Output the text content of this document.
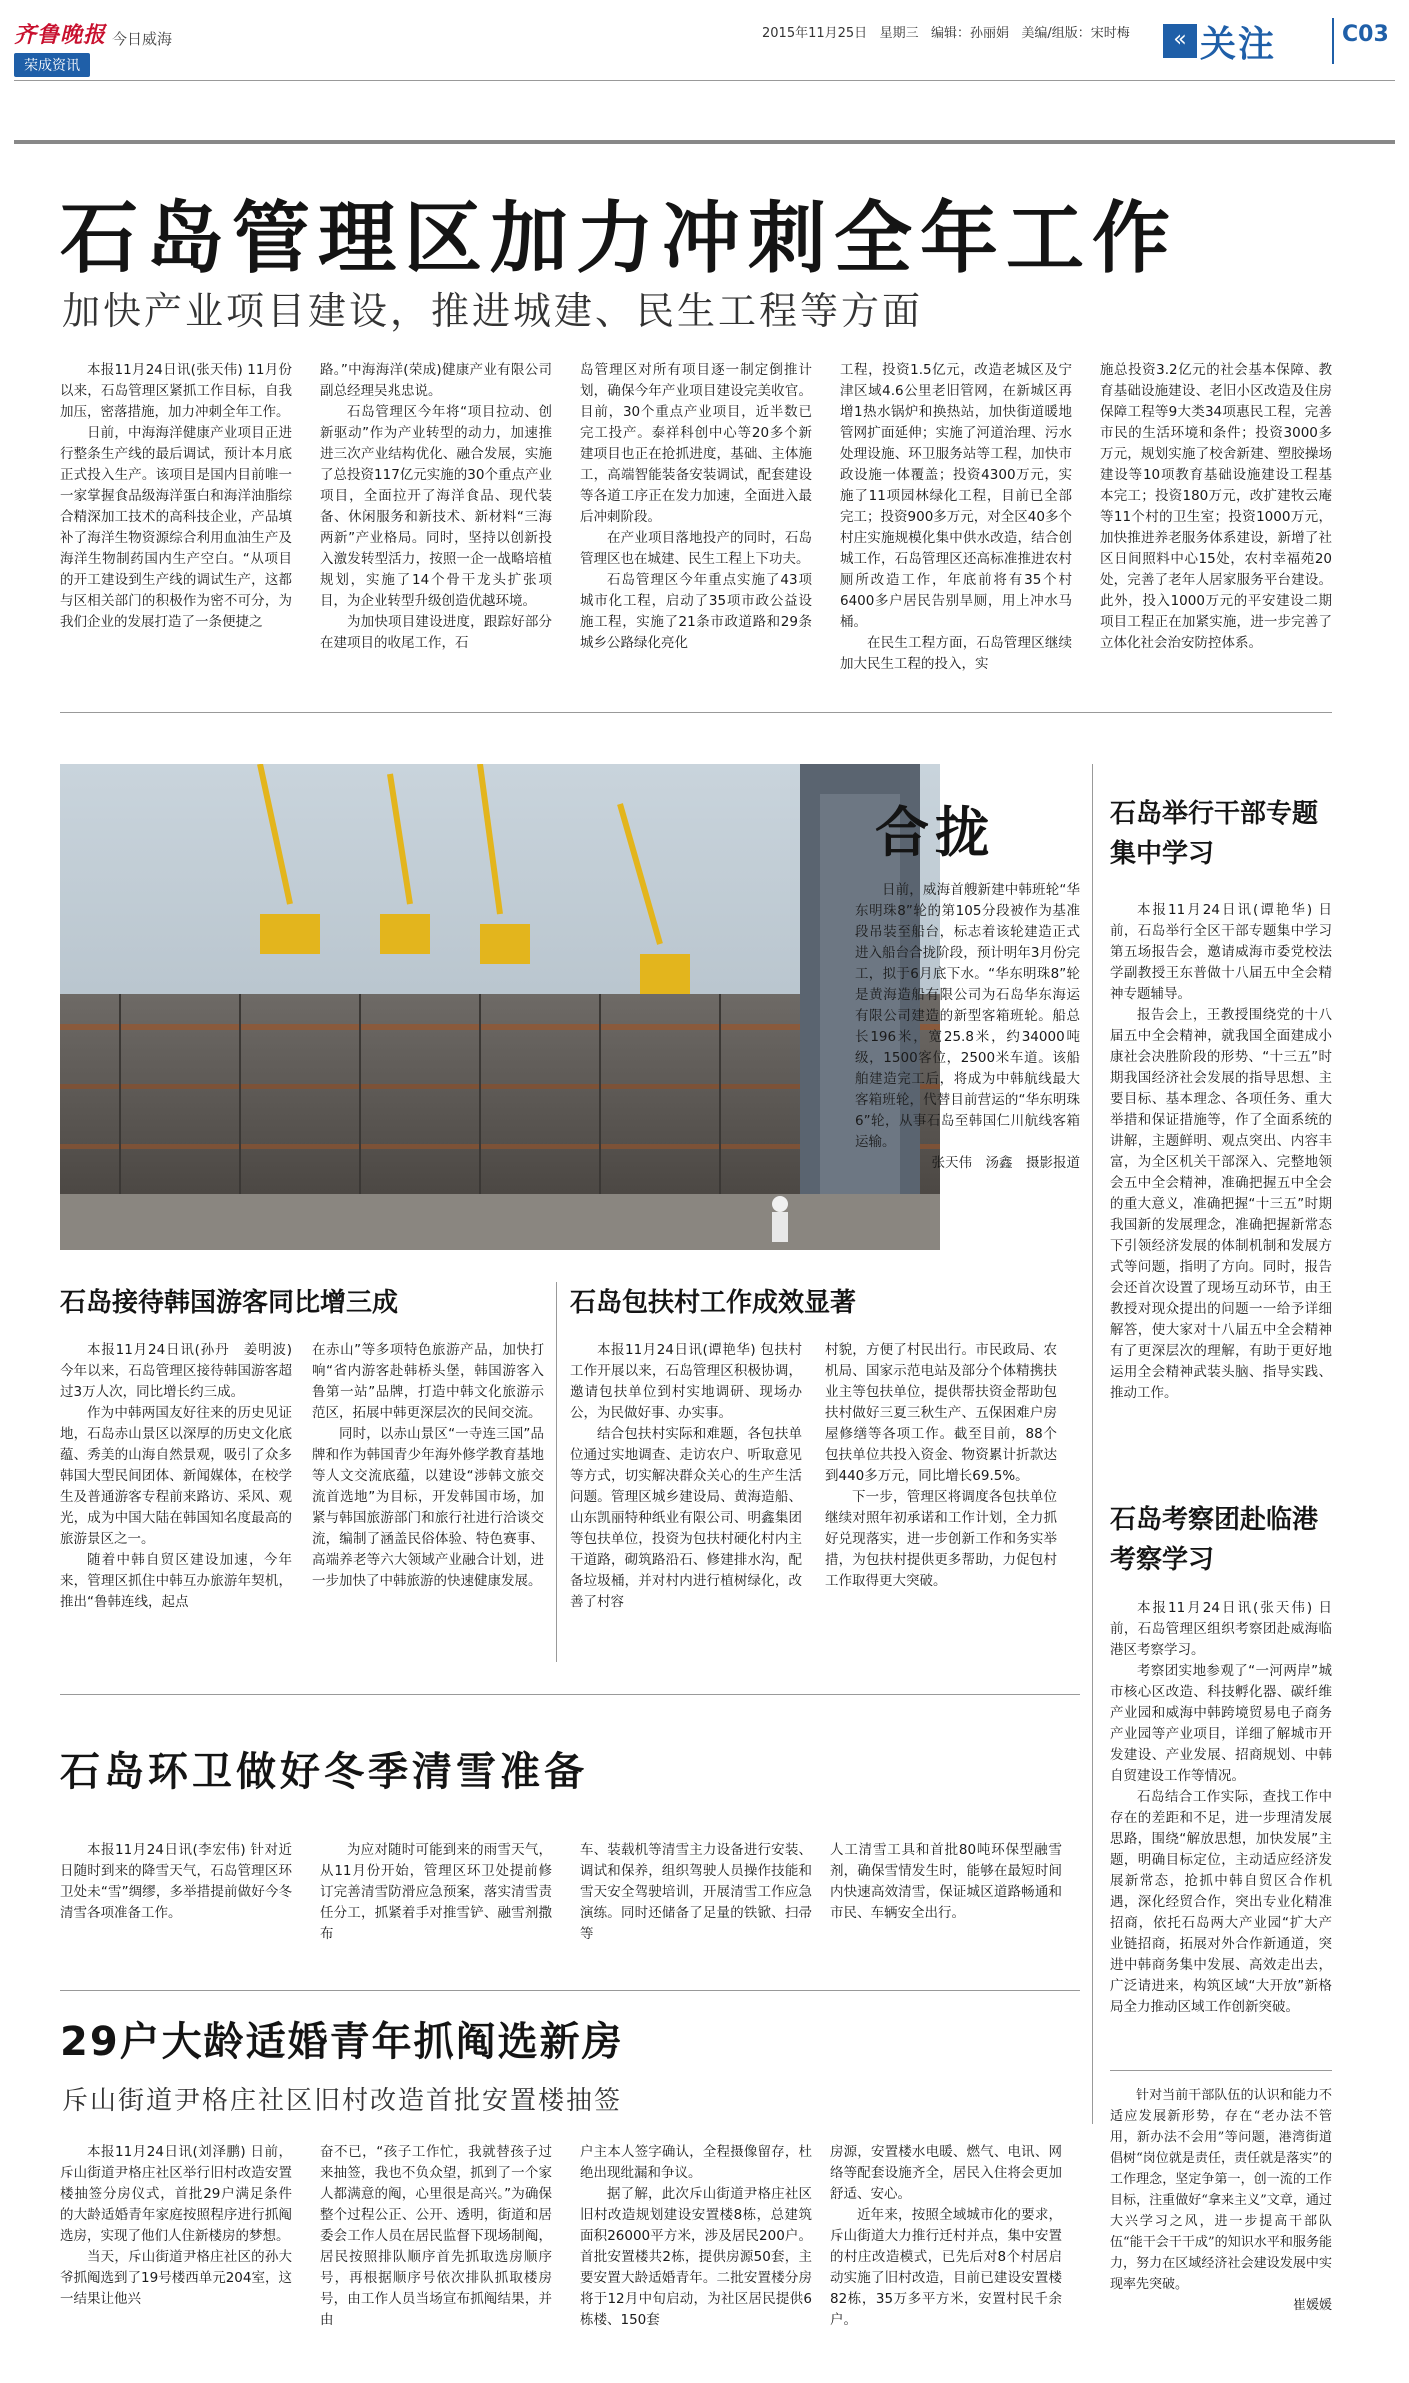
齐鲁晚报 今日威海
荣成资讯
2015年11月25日 星期三 编辑：孙丽娟 美编/组版：宋时梅	« 关注	C03
石岛管理区加力冲刺全年工作
加快产业项目建设，推进城建、民生工程等方面

本报11月24日讯(张天伟) 11月份以来，石岛管理区紧抓工作目标，自我加压，密落措施，加力冲刺全年工作。

日前，中海海洋健康产业项目正进行整条生产线的最后调试，预计本月底正式投入生产。该项目是国内目前唯一一家掌握食品级海洋蛋白和海洋油脂综合精深加工技术的高科技企业，产品填补了海洋生物资源综合利用血油生产及海洋生物制药国内生产空白。“从项目的开工建设到生产线的调试生产，这都与区相关部门的积极作为密不可分，为我们企业的发展打造了一条便捷之

路。”中海海洋(荣成)健康产业有限公司副总经理吴兆忠说。

石岛管理区今年将“项目拉动、创新驱动”作为产业转型的动力，加速推进三次产业结构优化、融合发展，实施了总投资117亿元实施的30个重点产业项目，全面拉开了海洋食品、现代装备、休闲服务和新技术、新材料“三海两新”产业格局。同时，坚持以创新投入激发转型活力，按照一企一战略培植规划，实施了14个骨干龙头扩张项目，为企业转型升级创造优越环境。

为加快项目建设进度，跟踪好部分在建项目的收尾工作，石

岛管理区对所有项目逐一制定倒推计划，确保今年产业项目建设完美收官。目前，30个重点产业项目，近半数已完工投产。泰祥科创中心等20多个新建项目也正在抢抓进度，基础、主体施工，高端智能装备安装调试，配套建设等各道工序正在发力加速，全面进入最后冲刺阶段。

在产业项目落地投产的同时，石岛管理区也在城建、民生工程上下功夫。

石岛管理区今年重点实施了43项城市化工程，启动了35项市政公益设施工程，实施了21条市政道路和29条城乡公路绿化亮化

工程，投资1.5亿元，改造老城区及宁津区域4.6公里老旧管网，在新城区再增1热水锅炉和换热站，加快街道暖地管网扩面延伸；实施了河道治理、污水处理设施、环卫服务站等工程，加快市政设施一体覆盖；投资4300万元，实施了11项园林绿化工程，目前已全部完工；投资900多万元，对全区40多个村庄实施规模化集中供水改造，结合创城工作，石岛管理区还高标准推进农村厕所改造工作，年底前将有35个村6400多户居民告别旱厕，用上冲水马桶。

在民生工程方面，石岛管理区继续加大民生工程的投入，实

施总投资3.2亿元的社会基本保障、教育基础设施建设、老旧小区改造及住房保障工程等9大类34项惠民工程，完善市民的生活环境和条件；投资3000多万元，规划实施了校舍新建、塑胶操场建设等10项教育基础设施建设工程基本完工；投资180万元，改扩建牧云庵等11个村的卫生室；投资1000万元，加快推进养老服务体系建设，新增了社区日间照料中心15处，农村幸福苑20处，完善了老年人居家服务平台建设。此外，投入1000万元的平安建设二期项目工程正在加紧实施，进一步完善了立体化社会治安防控体系。

合拢

日前，威海首艘新建中韩班轮“华东明珠8”轮的第105分段被作为基准段吊装至船台，标志着该轮建造正式进入船台合拢阶段，预计明年3月份完工，拟于6月底下水。“华东明珠8”轮是黄海造船有限公司为石岛华东海运有限公司建造的新型客箱班轮。船总长196米，宽25.8米，约34000吨级，1500客位，2500米车道。该船舶建造完工后，将成为中韩航线最大客箱班轮，代替目前营运的“华东明珠6”轮，从事石岛至韩国仁川航线客箱运输。

张天伟　汤鑫　摄影报道

石岛举行干部专题集中学习

本报11月24日讯(谭艳华) 日前，石岛举行全区干部专题集中学习第五场报告会，邀请威海市委党校法学副教授王东普做十八届五中全会精神专题辅导。

报告会上，王教授围绕党的十八届五中全会精神，就我国全面建成小康社会决胜阶段的形势、“十三五”时期我国经济社会发展的指导思想、主要目标、基本理念、各项任务、重大举措和保证措施等，作了全面系统的讲解，主题鲜明、观点突出、内容丰富，为全区机关干部深入、完整地领会五中全会精神，准确把握五中全会的重大意义，准确把握“十三五”时期我国新的发展理念，准确把握新常态下引领经济发展的体制机制和发展方式等问题，指明了方向。同时，报告会还首次设置了现场互动环节，由王教授对现众提出的问题一一给予详细解答，使大家对十八届五中全会精神有了更深层次的理解，有助于更好地运用全会精神武装头脑、指导实践、推动工作。

石岛考察团赴临港考察学习

本报11月24日讯(张天伟) 日前，石岛管理区组织考察团赴威海临港区考察学习。

考察团实地参观了“一河两岸”城市核心区改造、科技孵化器、碳纤维产业园和威海中韩跨境贸易电子商务产业园等产业项目，详细了解城市开发建设、产业发展、招商规划、中韩自贸建设工作等情况。

石岛结合工作实际，查找工作中存在的差距和不足，进一步理清发展思路，围绕“解放思想，加快发展”主题，明确目标定位，主动适应经济发展新常态，抢抓中韩自贸区合作机遇，深化经贸合作，突出专业化精准招商，依托石岛两大产业园“扩大产业链招商，拓展对外合作新通道，突进中韩商务集中发展、高效走出去，广泛请进来，构筑区域“大开放”新格局全力推动区域工作创新突破。

石岛接待韩国游客同比增三成

本报11月24日讯(孙丹　姜明波) 今年以来，石岛管理区接待韩国游客超过3万人次，同比增长约三成。

作为中韩两国友好往来的历史见证地，石岛赤山景区以深厚的历史文化底蕴、秀美的山海自然景观，吸引了众多韩国大型民间团体、新闻媒体，在校学生及普通游客专程前来路访、采风、观光，成为中国大陆在韩国知名度最高的旅游景区之一。

随着中韩自贸区建设加速，今年来，管理区抓住中韩互办旅游年契机，推出“鲁韩连线，起点

在赤山”等多项特色旅游产品，加快打响“省内游客赴韩桥头堡，韩国游客入鲁第一站”品牌，打造中韩文化旅游示范区，拓展中韩更深层次的民间交流。

同时，以赤山景区“一寺连三国”品牌和作为韩国青少年海外修学教育基地等人文交流底蕴，以建设“涉韩文旅交流首选地”为目标，开发韩国市场，加紧与韩国旅游部门和旅行社进行洽谈交流，编制了涵盖民俗体验、特色赛事、高端养老等六大领域产业融合计划，进一步加快了中韩旅游的快速健康发展。

石岛包扶村工作成效显著

本报11月24日讯(谭艳华) 包扶村工作开展以来，石岛管理区积极协调，邀请包扶单位到村实地调研、现场办公，为民做好事、办实事。

结合包扶村实际和难题，各包扶单位通过实地调查、走访农户、听取意见等方式，切实解决群众关心的生产生活问题。管理区城乡建设局、黄海造船、山东凯丽特种纸业有限公司、明鑫集团等包扶单位，投资为包扶村硬化村内主干道路，砌筑路沿石、修建排水沟，配备垃圾桶，并对村内进行植树绿化，改善了村容

村貌，方便了村民出行。市民政局、农机局、国家示范电站及部分个体精携扶业主等包扶单位，提供帮扶资金帮助包扶村做好三夏三秋生产、五保困难户房屋修缮等各项工作。截至目前，88个包扶单位共投入资金、物资累计折款达到440多万元，同比增长69.5%。

下一步，管理区将调度各包扶单位继续对照年初承诺和工作计划，全力抓好兑现落实，进一步创新工作和务实举措，为包扶村提供更多帮助，力促包村工作取得更大突破。

石岛环卫做好冬季清雪准备

本报11月24日讯(李宏伟) 针对近日随时到来的降雪天气，石岛管理区环卫处未“雪”绸缪，多举措提前做好今冬清雪各项准备工作。

为应对随时可能到来的雨雪天气，从11月份开始，管理区环卫处提前修订完善清雪防滑应急预案，落实清雪责任分工，抓紧着手对推雪铲、融雪剂撒布

车、装载机等清雪主力设备进行安装、调试和保养，组织驾驶人员操作技能和雪天安全驾驶培训，开展清雪工作应急演练。同时还储备了足量的铁锨、扫帚等

人工清雪工具和首批80吨环保型融雪剂，确保雪情发生时，能够在最短时间内快速高效清雪，保证城区道路畅通和市民、车辆安全出行。

29户大龄适婚青年抓阄选新房
斥山街道尹格庄社区旧村改造首批安置楼抽签

本报11月24日讯(刘泽鹏) 日前，斥山街道尹格庄社区举行旧村改造安置楼抽签分房仪式，首批29户满足条件的大龄适婚青年家庭按照程序进行抓阄选房，实现了他们人住新楼房的梦想。

当天，斥山街道尹格庄社区的孙大爷抓阄选到了19号楼西单元204室，这一结果让他兴

奋不已，“孩子工作忙，我就替孩子过来抽签，我也不负众望，抓到了一个家人都满意的阄，心里很是高兴。”为确保整个过程公正、公开、透明，街道和居委会工作人员在居民监督下现场制阄，居民按照排队顺序首先抓取选房顺序号，再根据顺序号依次排队抓取楼房号，由工作人员当场宣布抓阄结果，并由

户主本人签字确认，全程摄像留存，杜绝出现纰漏和争议。

据了解，此次斥山街道尹格庄社区旧村改造规划建设安置楼8栋，总建筑面积26000平方米，涉及居民200户。首批安置楼共2栋，提供房源50套，主要安置大龄适婚青年。二批安置楼分房将于12月中旬启动，为社区居民提供6栋楼、150套

房源，安置楼水电暖、燃气、电讯、网络等配套设施齐全，居民入住将会更加舒适、安心。

近年来，按照全域城市化的要求，斥山街道大力推行迁村并点，集中安置的村庄改造模式，已先后对8个村居启动实施了旧村改造，目前已建设安置楼82栋，35万多平方米，安置村民千余户。

针对当前干部队伍的认识和能力不适应发展新形势，存在“老办法不管用，新办法不会用”等问题，港湾街道倡树“岗位就是责任，责任就是落实”的工作理念，坚定争第一，创一流的工作目标，注重做好“拿来主义”文章，通过大兴学习之风，进一步提高干部队伍“能干会干干成”的知识水平和服务能力，努力在区域经济社会建设发展中实现率先突破。

崔媛媛
